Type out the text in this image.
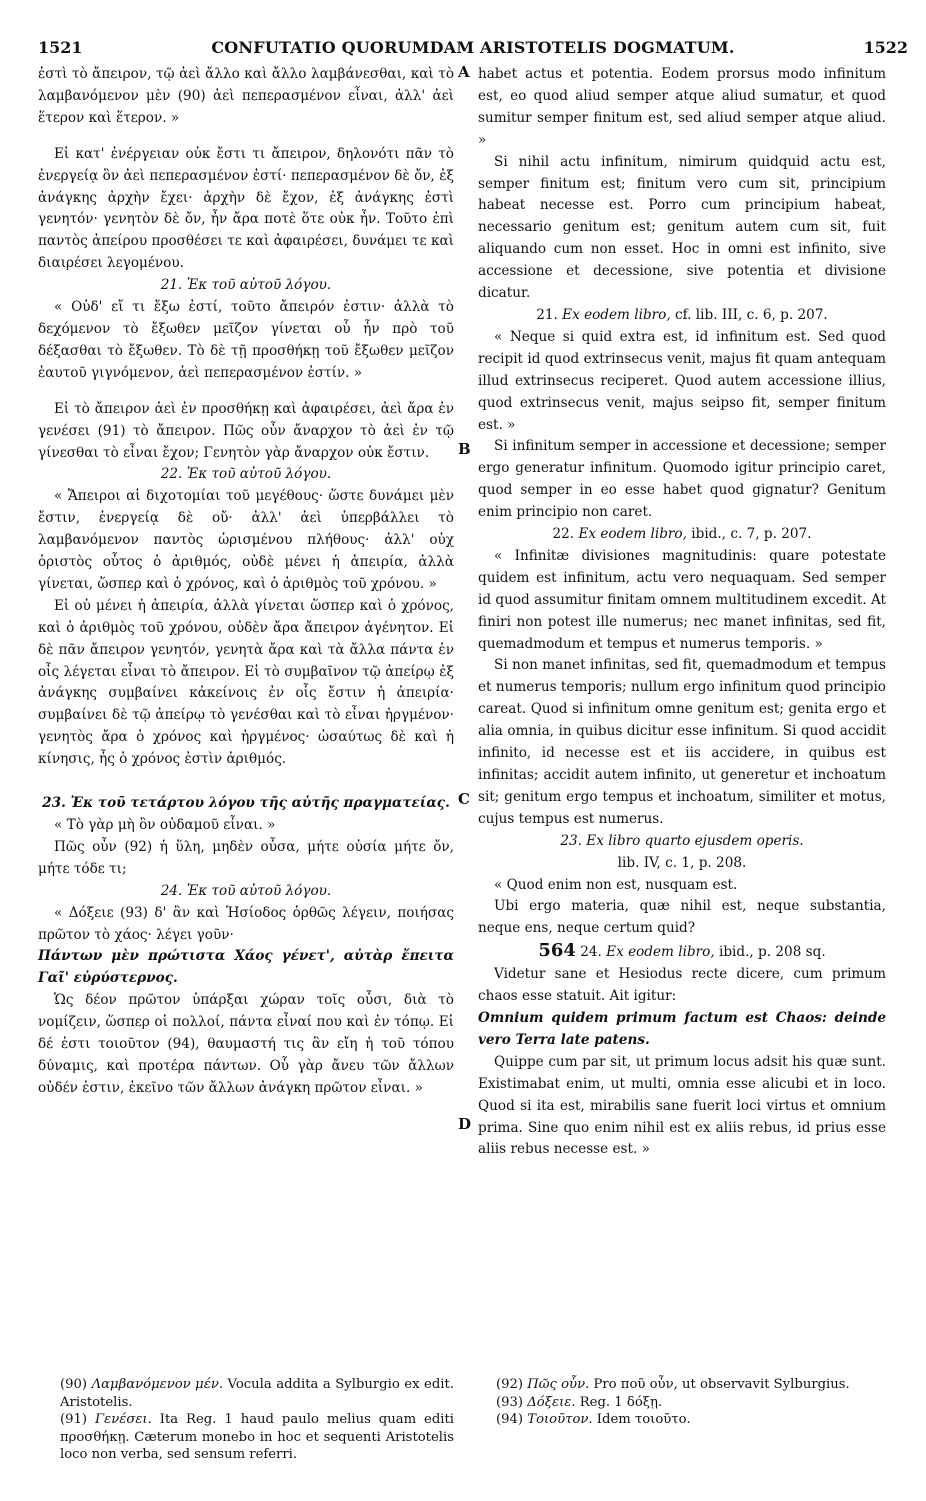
1521	CONFUTATIO QUORUMDAM ARISTOTELIS DOGMATUM.	1522
A
B
C
D

ἐστὶ τὸ ἄπειρον, τῷ ἀεὶ ἄλλο καὶ ἄλλο λαμβάνεσθαι, καὶ τὸ λαμβανόμενον μὲν (90) ἀεὶ πεπερασμένον εἶναι, ἀλλ' ἀεὶ ἕτερον καὶ ἕτερον. »

Εἰ κατ' ἐνέργειαν οὐκ ἔστι τι ἄπειρον, δηλονότι πᾶν τὸ ἐνεργείᾳ ὂν ἀεὶ πεπερασμένον ἐστί· πεπερασμένον δὲ ὄν, ἐξ ἀνάγκης ἀρχὴν ἔχει· ἀρχὴν δὲ ἔχον, ἐξ ἀνάγκης ἐστὶ γενητόν· γενητὸν δὲ ὄν, ἦν ἄρα ποτὲ ὅτε οὐκ ἦν. Τοῦτο ἐπὶ παντὸς ἀπείρου προσθέσει τε καὶ ἀφαιρέσει, δυνάμει τε καὶ διαιρέσει λεγομένου.

21. Ἐκ τοῦ αὐτοῦ λόγου.

« Οὐδ' εἴ τι ἔξω ἐστί, τοῦτο ἄπειρόν ἐστιν· ἀλλὰ τὸ δεχόμενον τὸ ἔξωθεν μεῖζον γίνεται οὗ ἦν πρὸ τοῦ δέξασθαι τὸ ἔξωθεν. Τὸ δὲ τῇ προσθήκῃ τοῦ ἔξωθεν μεῖζον ἑαυτοῦ γιγνόμενον, ἀεὶ πεπερασμένον ἐστίν. »

Εἰ τὸ ἄπειρον ἀεὶ ἐν προσθήκῃ καὶ ἀφαιρέσει, ἀεὶ ἄρα ἐν γενέσει (91) τὸ ἄπειρον. Πῶς οὖν ἄναρχον τὸ ἀεὶ ἐν τῷ γίνεσθαι τὸ εἶναι ἔχον; Γενητὸν γὰρ ἄναρχον οὐκ ἔστιν.

22. Ἐκ τοῦ αὐτοῦ λόγου.

« Ἄπειροι αἱ διχοτομίαι τοῦ μεγέθους· ὥστε δυνάμει μὲν ἔστιν, ἐνεργείᾳ δὲ οὔ· ἀλλ' ἀεὶ ὑπερβάλλει τὸ λαμβανόμενον παντὸς ὡρισμένου πλήθους· ἀλλ' οὐχ ὁριστὸς οὗτος ὁ ἀριθμός, οὐδὲ μένει ἡ ἀπειρία, ἀλλὰ γίνεται, ὥσπερ καὶ ὁ χρόνος, καὶ ὁ ἀριθμὸς τοῦ χρόνου. »

Εἰ οὐ μένει ἡ ἀπειρία, ἀλλὰ γίνεται ὥσπερ καὶ ὁ χρόνος, καὶ ὁ ἀριθμὸς τοῦ χρόνου, οὐδὲν ἄρα ἄπειρον ἀγένητον. Εἰ δὲ πᾶν ἄπειρον γενητόν, γενητὰ ἄρα καὶ τὰ ἄλλα πάντα ἐν οἷς λέγεται εἶναι τὸ ἄπειρον. Εἰ τὸ συμβαῖνον τῷ ἀπείρῳ ἐξ ἀνάγκης συμβαίνει κἀκείνοις ἐν οἷς ἔστιν ἡ ἀπειρία· συμβαίνει δὲ τῷ ἀπείρῳ τὸ γενέσθαι καὶ τὸ εἶναι ἠργμένον· γενητὸς ἄρα ὁ χρόνος καὶ ἠργμένος· ὡσαύτως δὲ καὶ ἡ κίνησις, ἧς ὁ χρόνος ἐστὶν ἀριθμός.

23. Ἐκ τοῦ τετάρτου λόγου τῆς αὐτῆς πραγματείας.

« Τὸ γὰρ μὴ ὂν οὐδαμοῦ εἶναι. »

Πῶς οὖν (92) ἡ ὕλη, μηδὲν οὖσα, μήτε οὐσία μήτε ὄν, μήτε τόδε τι;

24. Ἐκ τοῦ αὐτοῦ λόγου.

« Δόξειε (93) δ' ἂν καὶ Ἡσίοδος ὀρθῶς λέγειν, ποιήσας πρῶτον τὸ χάος· λέγει γοῦν·

Πάντων μὲν πρώτιστα Χάος γένετ', αὐτὰρ ἔπειτα Γαῖ' εὐρύστερνος.

Ὡς δέον πρῶτον ὑπάρξαι χώραν τοῖς οὖσι, διὰ τὸ νομίζειν, ὥσπερ οἱ πολλοί, πάντα εἶναί που καὶ ἐν τόπῳ. Εἰ δέ ἐστι τοιοῦτον (94), θαυμαστή τις ἂν εἴη ἡ τοῦ τόπου δύναμις, καὶ προτέρα πάντων. Οὗ γὰρ ἄνευ τῶν ἄλλων οὐδέν ἐστιν, ἐκεῖνο τῶν ἄλλων ἀνάγκη πρῶτον εἶναι. »

habet actus et potentia. Eodem prorsus modo infinitum est, eo quod aliud semper atque aliud sumatur, et quod sumitur semper finitum est, sed aliud semper atque aliud. »

Si nihil actu infinitum, nimirum quidquid actu est, semper finitum est; finitum vero cum sit, principium habeat necesse est. Porro cum principium habeat, necessario genitum est; genitum autem cum sit, fuit aliquando cum non esset. Hoc in omni est infinito, sive accessione et decessione, sive potentia et divisione dicatur.

21. Ex eodem libro, cf. lib. III, c. 6, p. 207.

« Neque si quid extra est, id infinitum est. Sed quod recipit id quod extrinsecus venit, majus fit quam antequam illud extrinsecus reciperet. Quod autem accessione illius, quod extrinsecus venit, majus seipso fit, semper finitum est. »

Si infinitum semper in accessione et decessione; semper ergo generatur infinitum. Quomodo igitur principio caret, quod semper in eo esse habet quod gignatur? Genitum enim principio non caret.

22. Ex eodem libro, ibid., c. 7, p. 207.

« Infinitæ divisiones magnitudinis: quare potestate quidem est infinitum, actu vero nequaquam. Sed semper id quod assumitur finitam omnem multitudinem excedit. At finiri non potest ille numerus; nec manet infinitas, sed fit, quemadmodum et tempus et numerus temporis. »

Si non manet infinitas, sed fit, quemadmodum et tempus et numerus temporis; nullum ergo infinitum quod principio careat. Quod si infinitum omne genitum est; genita ergo et alia omnia, in quibus dicitur esse infinitum. Si quod accidit infinito, id necesse est et iis accidere, in quibus est infinitas; accidit autem infinito, ut generetur et inchoatum sit; genitum ergo tempus et inchoatum, similiter et motus, cujus tempus est numerus.

23. Ex libro quarto ejusdem operis.

lib. IV, c. 1, p. 208.

« Quod enim non est, nusquam est.

Ubi ergo materia, quæ nihil est, neque substantia, neque ens, neque certum quid?

564 24. Ex eodem libro, ibid., p. 208 sq.

Videtur sane et Hesiodus recte dicere, cum primum chaos esse statuit. Ait igitur:

Omnium quidem primum factum est Chaos: deinde vero Terra late patens.

Quippe cum par sit, ut primum locus adsit his quæ sunt. Existimabat enim, ut multi, omnia esse alicubi et in loco. Quod si ita est, mirabilis sane fuerit loci virtus et omnium prima. Sine quo enim nihil est ex aliis rebus, id prius esse aliis rebus necesse est. »

(90) Λαμβανόμενον μέν. Vocula addita a Sylburgio ex edit. Aristotelis.

(91) Γενέσει. Ita Reg. 1 haud paulo melius quam editi προσθήκῃ. Cæterum monebo in hoc et sequenti Aristotelis loco non verba, sed sensum referri.

(92) Πῶς οὖν. Pro ποῦ οὖν, ut observavit Sylburgius.

(93) Δόξειε. Reg. 1 δόξῃ.

(94) Τοιοῦτον. Idem τοιοῦτο.
